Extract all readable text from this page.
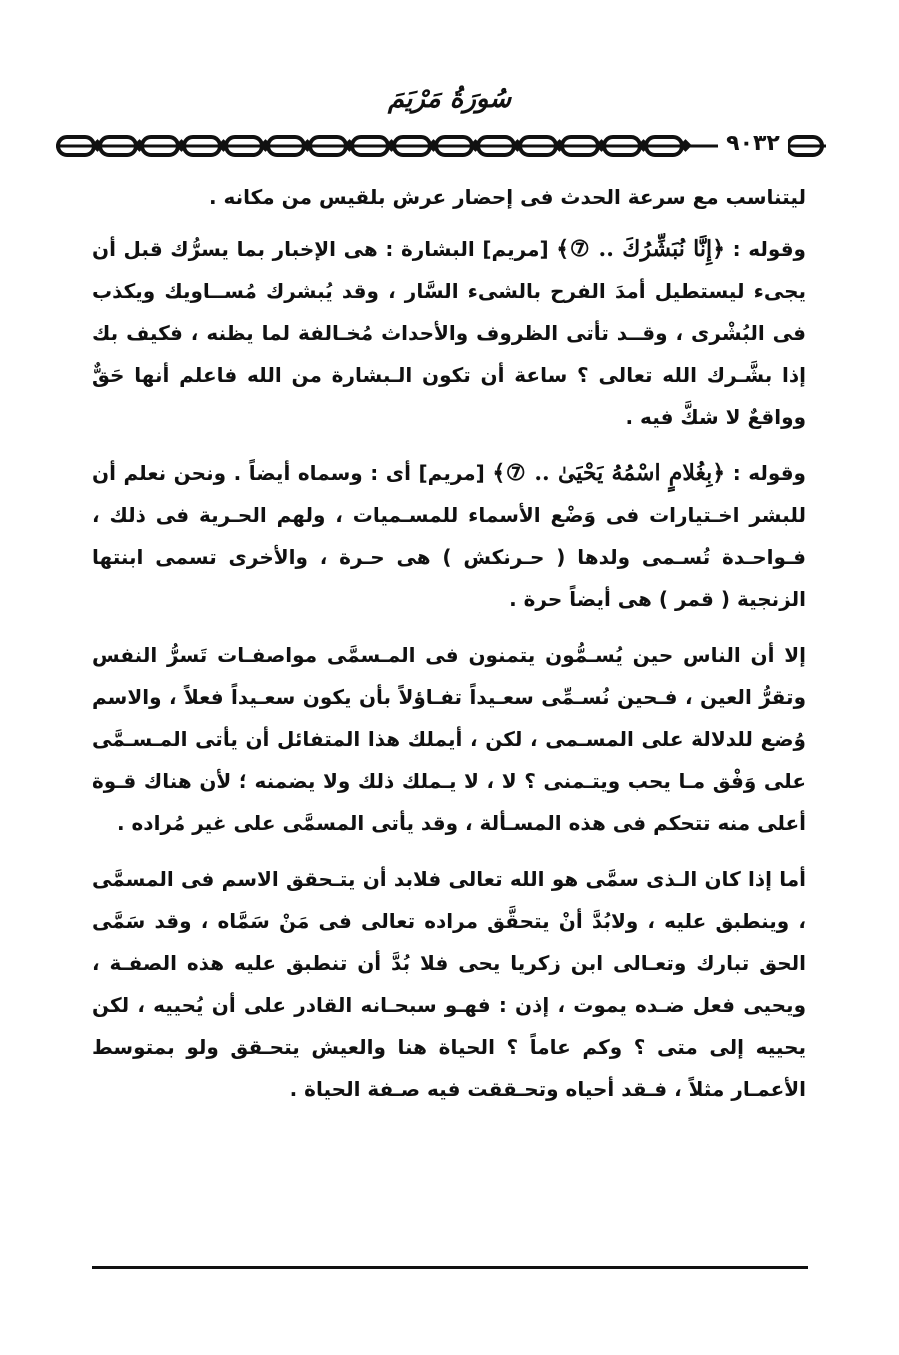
سُورَةُ مَرْيَمَ
٩٠٣٢

ليتناسب مع سرعة الحدث فى إحضار عرش بلقيس من مكانه .

وقوله : ﴿إِنَّا نُبَشِّرُكَ .. ⑦﴾ [مريم] البشارة : هى الإخبار بما يسرُّك قبل أن يجىء ليستطيل أمدَ الفرح بالشىء السَّار ، وقد يُبشرك مُســاويك ويكذب فى البُشْرى ، وقــد تأتى الظروف والأحداث مُخـالفة لما يظنه ، فكيف بك إذا بشَّـرك الله تعالى ؟ ساعة أن تكون الـبشارة من الله فاعلم أنها حَقٌّ وواقعٌ لا شكَّ فيه .

وقوله : ﴿بِغُلامٍ اسْمُهُ يَحْيَىٰ .. ⑦﴾ [مريم] أى : وسماه أيضاً . ونحن نعلم أن للبشر اخـتيارات فى وَضْع الأسماء للمسـميات ، ولهم الحـرية فى ذلك ، فـواحـدة تُسـمى ولدها ( حـرنكش ) هى حـرة ، والأخرى تسمى ابنتها الزنجية ( قمر ) هى أيضاً حرة .

إلا أن الناس حين يُسـمُّون يتمنون فى المـسمَّى مواصفـات تَسرُّ النفس وتقرُّ العين ، فـحين نُسـمِّى سعـيداً تفـاؤلاً بأن يكون سعـيداً فعلاً ، والاسم وُضع للدلالة على المسـمى ، لكن ، أيملك هذا المتفائل أن يأتى المـسـمَّى على وَفْق مـا يحب ويتـمنى ؟ لا ، لا يـملك ذلك ولا يضمنه ؛ لأن هناك قـوة أعلى منه تتحكم فى هذه المسـألة ، وقد يأتى المسمَّى على غير مُراده .

أما إذا كان الـذى سمَّى هو الله تعالى فلابد أن يتـحقق الاسم فى المسمَّى ، وينطبق عليه ، ولابُدَّ أنْ يتحقَّق مراده تعالى فى مَنْ سَمَّاه ، وقد سَمَّى الحق تبارك وتعـالى ابن زكريا يحى فلا بُدَّ أن تنطبق عليه هذه الصفـة ، ويحيى فعل ضـده يموت ، إذن : فهـو سبحـانه القادر على أن يُحييه ، لكن يحييه إلى متى ؟ وكم عاماً ؟ الحياة هنا والعيش يتحـقق ولو بمتوسط الأعمـار مثلاً ، فـقد أحياه وتحـققت فيه صـفة الحياة .
